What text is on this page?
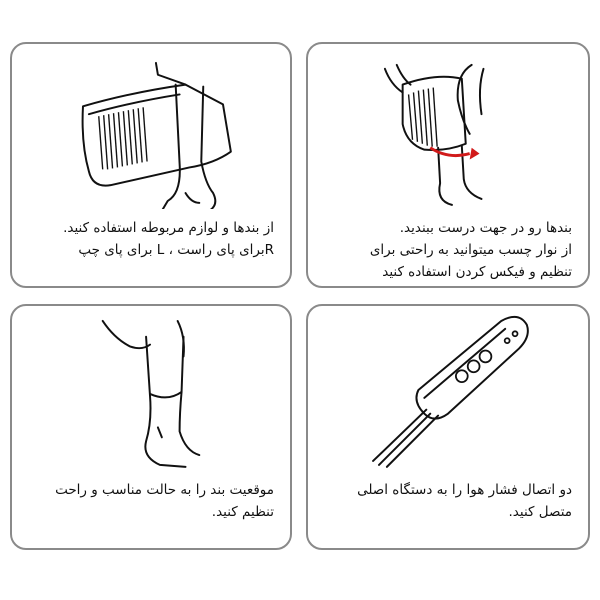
از بندها و لوازم مربوطه استفاده کنید.
Rبرای پای راست ، L برای پای چپ
بندها رو در جهت درست ببندید.
از نوار چسب میتوانید به راحتی برای
تنظیم و فیکس کردن استفاده کنید
موقعیت بند را به حالت مناسب و راحت
تنظیم کنید.
دو اتصال فشار هوا را به دستگاه اصلی
متصل کنید.
